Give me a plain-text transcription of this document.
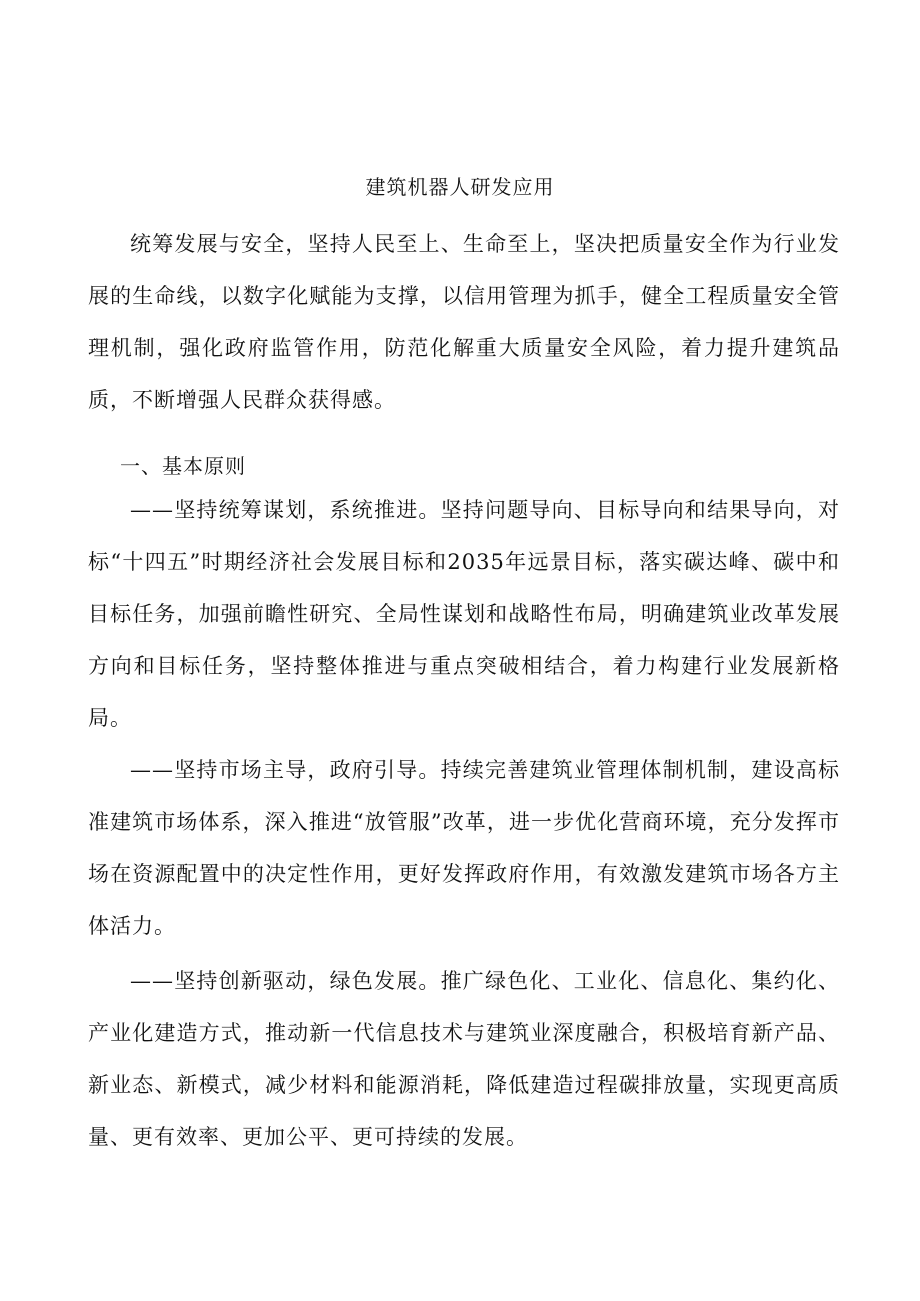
建筑机器人研发应用

统筹发展与安全，坚持人民至上、生命至上，坚决把质量安全作为行业发展的生命线，以数字化赋能为支撑，以信用管理为抓手，健全工程质量安全管理机制，强化政府监管作用，防范化解重大质量安全风险，着力提升建筑品质，不断增强人民群众获得感。

一、基本原则

——坚持统筹谋划，系统推进。坚持问题导向、目标导向和结果导向，对标“十四五”时期经济社会发展目标和2035年远景目标，落实碳达峰、碳中和目标任务，加强前瞻性研究、全局性谋划和战略性布局，明确建筑业改革发展方向和目标任务，坚持整体推进与重点突破相结合，着力构建行业发展新格局。

——坚持市场主导，政府引导。持续完善建筑业管理体制机制，建设高标准建筑市场体系，深入推进“放管服”改革，进一步优化营商环境，充分发挥市场在资源配置中的决定性作用，更好发挥政府作用，有效激发建筑市场各方主体活力。

——坚持创新驱动，绿色发展。推广绿色化、工业化、信息化、集约化、产业化建造方式，推动新一代信息技术与建筑业深度融合，积极培育新产品、新业态、新模式，减少材料和能源消耗，降低建造过程碳排放量，实现更高质量、更有效率、更加公平、更可持续的发展。
